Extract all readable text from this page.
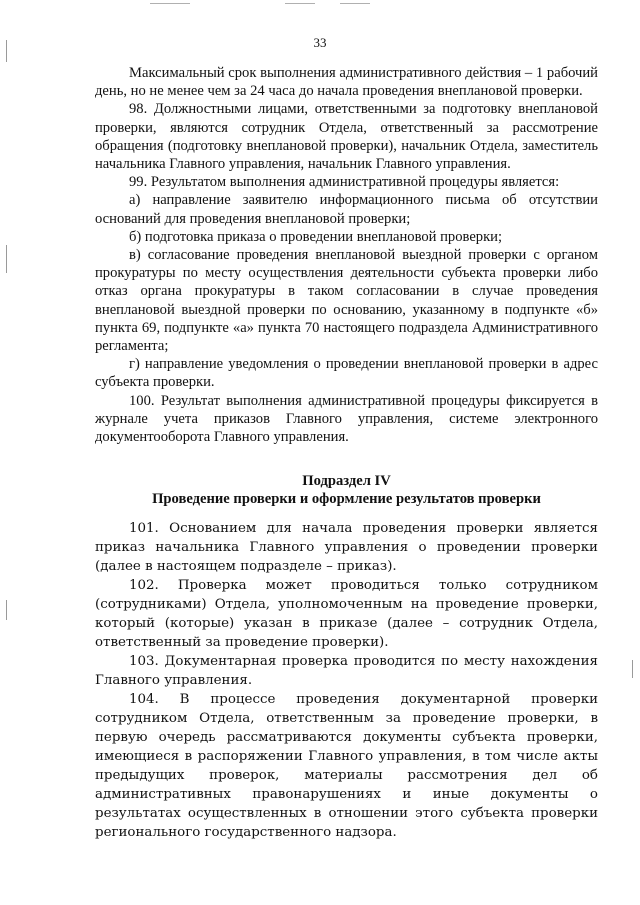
33

Максимальный срок выполнения административного действия – 1 рабочий день, но не менее чем за 24 часа до начала проведения внеплановой проверки.

98. Должностными лицами, ответственными за подготовку внеплановой проверки, являются сотрудник Отдела, ответственный за рассмотрение обращения (подготовку внеплановой проверки), начальник Отдела, заместитель начальника Главного управления, начальник Главного управления.

99. Результатом выполнения административной процедуры является:

а) направление заявителю информационного письма об отсутствии оснований для проведения внеплановой проверки;

б) подготовка приказа о проведении внеплановой проверки;

в) согласование проведения внеплановой выездной проверки с органом прокуратуры по месту осуществления деятельности субъекта проверки либо отказ органа прокуратуры в таком согласовании в случае проведения внеплановой выездной проверки по основанию, указанному в подпункте «б» пункта 69, подпункте «а» пункта 70 настоящего подраздела Административного регламента;

г) направление уведомления о проведении внеплановой проверки в адрес субъекта проверки.

100. Результат выполнения административной процедуры фиксируется в журнале учета приказов Главного управления, системе электронного документооборота Главного управления.

Подраздел IV
Проведение проверки и оформление результатов проверки

101. Основанием для начала проведения проверки является приказ начальника Главного управления о проведении проверки (далее в настоящем подразделе – приказ).

102. Проверка может проводиться только сотрудником (сотрудниками) Отдела, уполномоченным на проведение проверки, который (которые) указан в приказе (далее – сотрудник Отдела, ответственный за проведение проверки).

103. Документарная проверка проводится по месту нахождения Главного управления.

104. В процессе проведения документарной проверки сотрудником Отдела, ответственным за проведение проверки, в первую очередь рассматриваются документы субъекта проверки, имеющиеся в распоряжении Главного управления, в том числе акты предыдущих проверок, материалы рассмотрения дел об административных правонарушениях и иные документы о результатах осуществленных в отношении этого субъекта проверки регионального государственного надзора.
